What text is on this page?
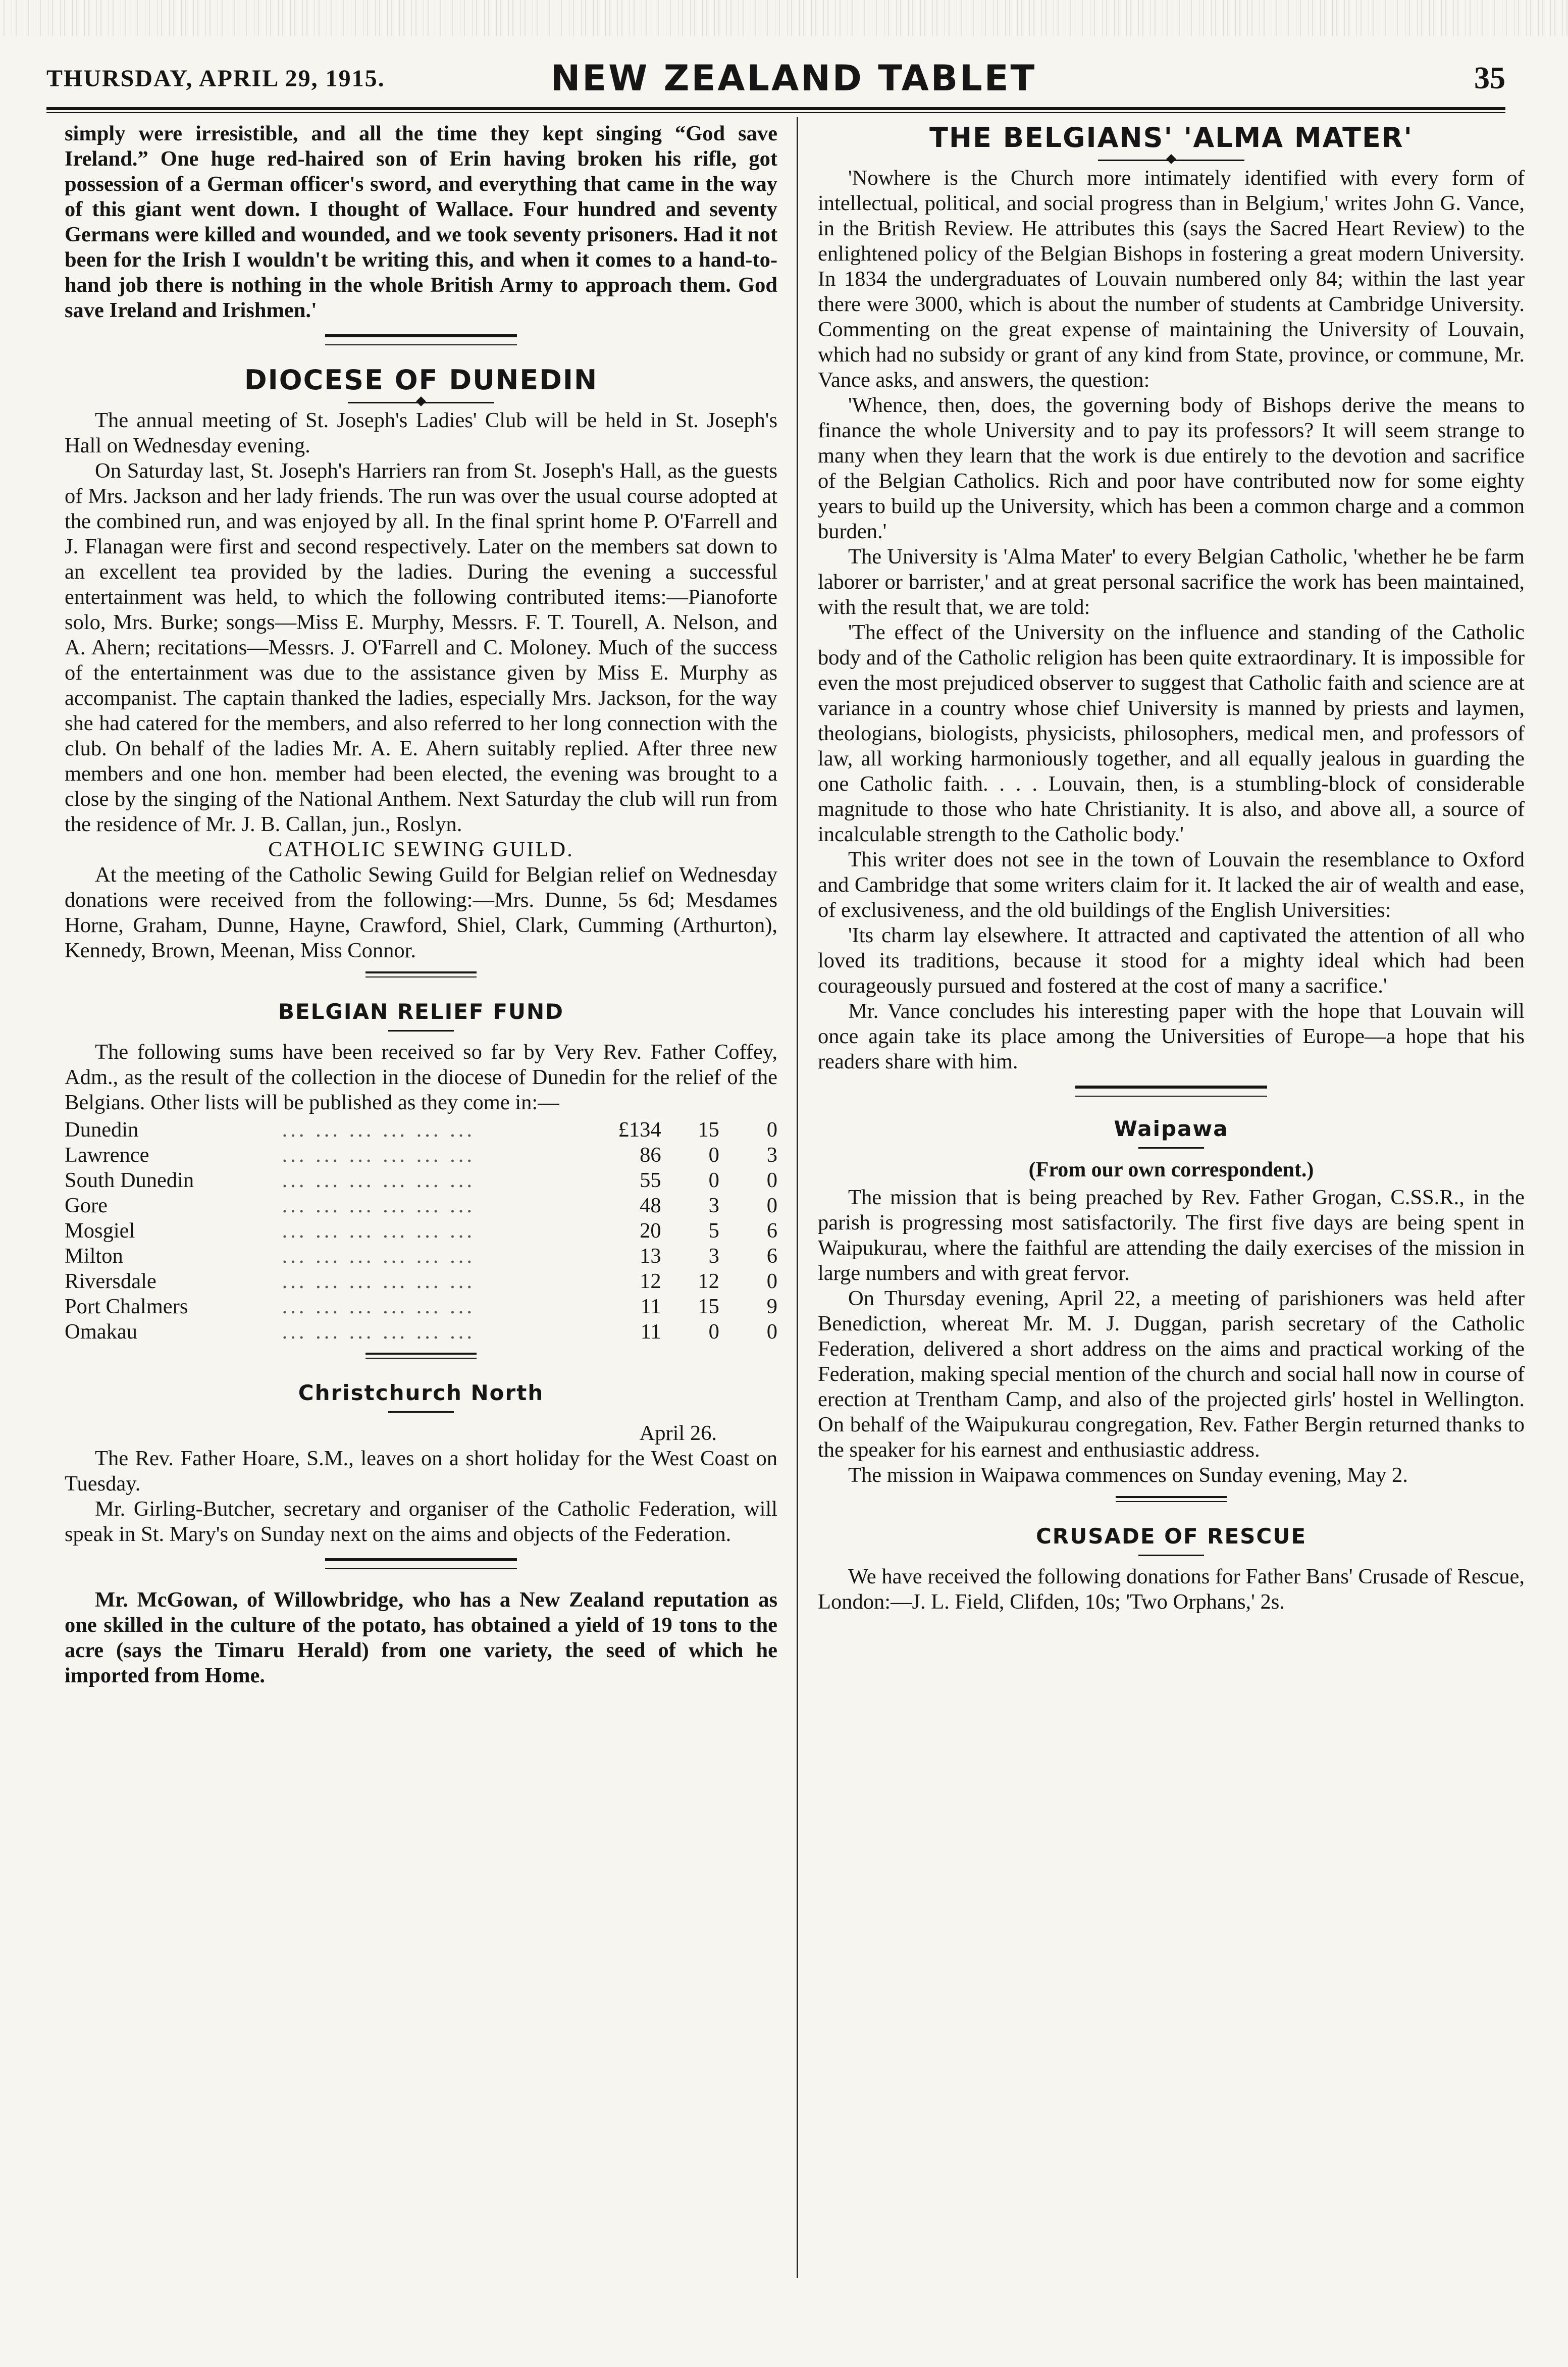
THURSDAY, APRIL 29, 1915.	NEW ZEALAND TABLET	35

simply were irresistible, and all the time they kept singing “God save Ireland.” One huge red-haired son of Erin having broken his rifle, got possession of a German officer's sword, and everything that came in the way of this giant went down. I thought of Wallace. Four hundred and seventy Germans were killed and wounded, and we took seventy prisoners. Had it not been for the Irish I wouldn't be writing this, and when it comes to a hand-to-hand job there is nothing in the whole British Army to approach them. God save Ireland and Irishmen.'

DIOCESE OF DUNEDIN

The annual meeting of St. Joseph's Ladies' Club will be held in St. Joseph's Hall on Wednesday evening.

On Saturday last, St. Joseph's Harriers ran from St. Joseph's Hall, as the guests of Mrs. Jackson and her lady friends. The run was over the usual course adopted at the combined run, and was enjoyed by all. In the final sprint home P. O'Farrell and J. Flanagan were first and second respectively. Later on the members sat down to an excellent tea provided by the ladies. During the evening a successful entertainment was held, to which the following contributed items:—Pianoforte solo, Mrs. Burke; songs—Miss E. Murphy, Messrs. F. T. Tourell, A. Nelson, and A. Ahern; recitations—Messrs. J. O'Farrell and C. Moloney. Much of the success of the entertainment was due to the assistance given by Miss E. Murphy as accompanist. The captain thanked the ladies, especially Mrs. Jackson, for the way she had catered for the members, and also referred to her long connection with the club. On behalf of the ladies Mr. A. E. Ahern suitably replied. After three new members and one hon. member had been elected, the evening was brought to a close by the singing of the National Anthem. Next Saturday the club will run from the residence of Mr. J. B. Callan, jun., Roslyn.

CATHOLIC SEWING GUILD.

At the meeting of the Catholic Sewing Guild for Belgian relief on Wednesday donations were received from the following:—Mrs. Dunne, 5s 6d; Mesdames Horne, Graham, Dunne, Hayne, Crawford, Shiel, Clark, Cumming (Arthurton), Kennedy, Brown, Meenan, Miss Connor.

BELGIAN RELIEF FUND

The following sums have been received so far by Very Rev. Father Coffey, Adm., as the result of the collection in the diocese of Dunedin for the relief of the Belgians. Other lists will be published as they come in:—

Dunedin	... ... ... ... ... ...	£134	15	0
Lawrence	... ... ... ... ... ...	86	0	3
South Dunedin	... ... ... ... ... ...	55	0	0
Gore	... ... ... ... ... ...	48	3	0
Mosgiel	... ... ... ... ... ...	20	5	6
Milton	... ... ... ... ... ...	13	3	6
Riversdale	... ... ... ... ... ...	12	12	0
Port Chalmers	... ... ... ... ... ...	11	15	9
Omakau	... ... ... ... ... ...	11	0	0
Christchurch North
April 26.

The Rev. Father Hoare, S.M., leaves on a short holiday for the West Coast on Tuesday.

Mr. Girling-Butcher, secretary and organiser of the Catholic Federation, will speak in St. Mary's on Sunday next on the aims and objects of the Federation.

Mr. McGowan, of Willowbridge, who has a New Zealand reputation as one skilled in the culture of the potato, has obtained a yield of 19 tons to the acre (says the Timaru Herald) from one variety, the seed of which he imported from Home.

THE BELGIANS' 'ALMA MATER'

'Nowhere is the Church more intimately identified with every form of intellectual, political, and social progress than in Belgium,' writes John G. Vance, in the British Review. He attributes this (says the Sacred Heart Review) to the enlightened policy of the Belgian Bishops in fostering a great modern University. In 1834 the undergraduates of Louvain numbered only 84; within the last year there were 3000, which is about the number of students at Cambridge University. Commenting on the great expense of maintaining the University of Louvain, which had no subsidy or grant of any kind from State, province, or commune, Mr. Vance asks, and answers, the question:

'Whence, then, does, the governing body of Bishops derive the means to finance the whole University and to pay its professors? It will seem strange to many when they learn that the work is due entirely to the devotion and sacrifice of the Belgian Catholics. Rich and poor have contributed now for some eighty years to build up the University, which has been a common charge and a common burden.'

The University is 'Alma Mater' to every Belgian Catholic, 'whether he be farm laborer or barrister,' and at great personal sacrifice the work has been maintained, with the result that, we are told:

'The effect of the University on the influence and standing of the Catholic body and of the Catholic religion has been quite extraordinary. It is impossible for even the most prejudiced observer to suggest that Catholic faith and science are at variance in a country whose chief University is manned by priests and laymen, theologians, biologists, physicists, philosophers, medical men, and professors of law, all working harmoniously together, and all equally jealous in guarding the one Catholic faith. . . . Louvain, then, is a stumbling-block of considerable magnitude to those who hate Christianity. It is also, and above all, a source of incalculable strength to the Catholic body.'

This writer does not see in the town of Louvain the resemblance to Oxford and Cambridge that some writers claim for it. It lacked the air of wealth and ease, of exclusiveness, and the old buildings of the English Universities:

'Its charm lay elsewhere. It attracted and captivated the attention of all who loved its traditions, because it stood for a mighty ideal which had been courageously pursued and fostered at the cost of many a sacrifice.'

Mr. Vance concludes his interesting paper with the hope that Louvain will once again take its place among the Universities of Europe—a hope that his readers share with him.

Waipawa
(From our own correspondent.)

The mission that is being preached by Rev. Father Grogan, C.SS.R., in the parish is progressing most satisfactorily. The first five days are being spent in Waipukurau, where the faithful are attending the daily exercises of the mission in large numbers and with great fervor.

On Thursday evening, April 22, a meeting of parishioners was held after Benediction, whereat Mr. M. J. Duggan, parish secretary of the Catholic Federation, delivered a short address on the aims and practical working of the Federation, making special mention of the church and social hall now in course of erection at Trentham Camp, and also of the projected girls' hostel in Wellington. On behalf of the Waipukurau congregation, Rev. Father Bergin returned thanks to the speaker for his earnest and enthusiastic address.

The mission in Waipawa commences on Sunday evening, May 2.

CRUSADE OF RESCUE

We have received the following donations for Father Bans' Crusade of Rescue, London:—J. L. Field, Clifden, 10s; 'Two Orphans,' 2s.
